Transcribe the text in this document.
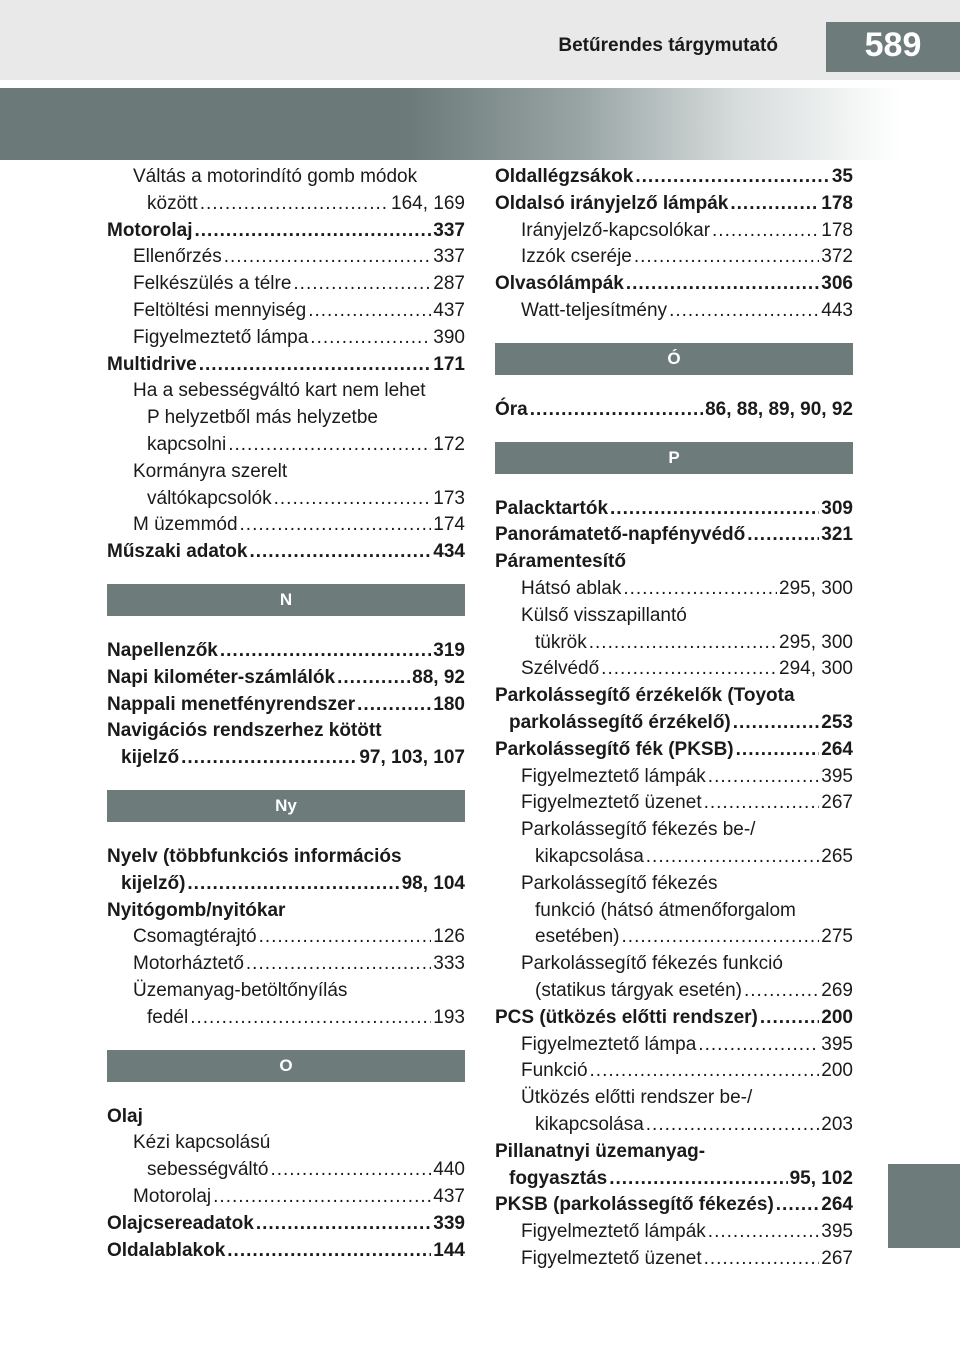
Betűrendes tárgymutató	589
Váltás a motorindító gomb módok
között .....	164, 169
Motorolaj .....	337
Ellenőrzés .....	337
Felkészülés a télre .....	287
Feltöltési mennyiség .....	437
Figyelmeztető lámpa .....	390
Multidrive .....	171
Ha a sebességváltó kart nem lehet
P helyzetből más helyzetbe
kapcsolni .....	172
Kormányra szerelt
váltókapcsolók .....	173
M üzemmód .....	174
Műszaki adatok .....	434
N
Napellenzők .....	319
Napi kilométer-számlálók .....	88, 92
Nappali menetfényrendszer .....	180
Navigációs rendszerhez kötött
kijelző .....	97, 103, 107
Ny
Nyelv (többfunkciós információs
kijelző) .....	98, 104
Nyitógomb/nyitókar
Csomagtérajtó .....	126
Motorháztető .....	333
Üzemanyag-betöltőnyílás
fedél .....	193
O
Olaj
Kézi kapcsolású
sebességváltó .....	440
Motorolaj .....	437
Olajcsereadatok .....	339
Oldalablakok .....	144
Oldallégzsákok .....	35
Oldalsó irányjelző lámpák .....	178
Irányjelző-kapcsolókar .....	178
Izzók cseréje .....	372
Olvasólámpák .....	306
Watt-teljesítmény .....	443
Ó
Óra .....	86, 88, 89, 90, 92
P
Palacktartók .....	309
Panorámatető-napfényvédő .....	321
Páramentesítő
Hátsó ablak .....	295, 300
Külső visszapillantó
tükrök .....	295, 300
Szélvédő .....	294, 300
Parkolássegítő érzékelők (Toyota
parkolássegítő érzékelő) .....	253
Parkolássegítő fék (PKSB) .....	264
Figyelmeztető lámpák .....	395
Figyelmeztető üzenet .....	267
Parkolássegítő fékezés be-/
kikapcsolása .....	265
Parkolássegítő fékezés
funkció (hátsó átmenőforgalom
esetében) .....	275
Parkolássegítő fékezés funkció
(statikus tárgyak esetén) .....	269
PCS (ütközés előtti rendszer) .....	200
Figyelmeztető lámpa .....	395
Funkció .....	200
Ütközés előtti rendszer be-/
kikapcsolása .....	203
Pillanatnyi üzemanyag-
fogyasztás .....	95, 102
PKSB (parkolássegítő fékezés) .....	264
Figyelmeztető lámpák .....	395
Figyelmeztető üzenet .....	267
